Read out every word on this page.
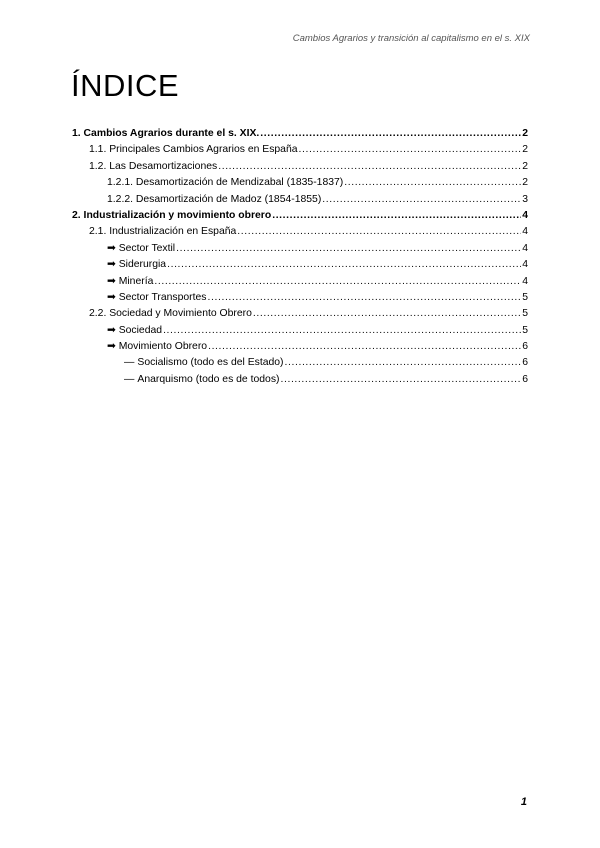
Cambios Agrarios y transición al capitalismo en el s. XIX
ÍNDICE
1. Cambios Agrarios durante el s. XIX. .....	2
1.1. Principales Cambios Agrarios en España .....	2
1.2. Las Desamortizaciones .....	2
1.2.1. Desamortización de Mendizabal (1835-1837) .....	2
1.2.2. Desamortización de Madoz (1854-1855) .....	3
2. Industrialización y movimiento obrero .....	4
2.1. Industrialización en España .....	4
➡ Sector Textil .....	4
➡ Siderurgia .....	4
➡ Minería .....	4
➡ Sector Transportes .....	5
2.2. Sociedad y Movimiento Obrero .....	5
➡ Sociedad .....	5
➡ Movimiento Obrero .....	6
— Socialismo (todo es del Estado) .....	6
— Anarquismo (todo es de todos) .....	6
1
